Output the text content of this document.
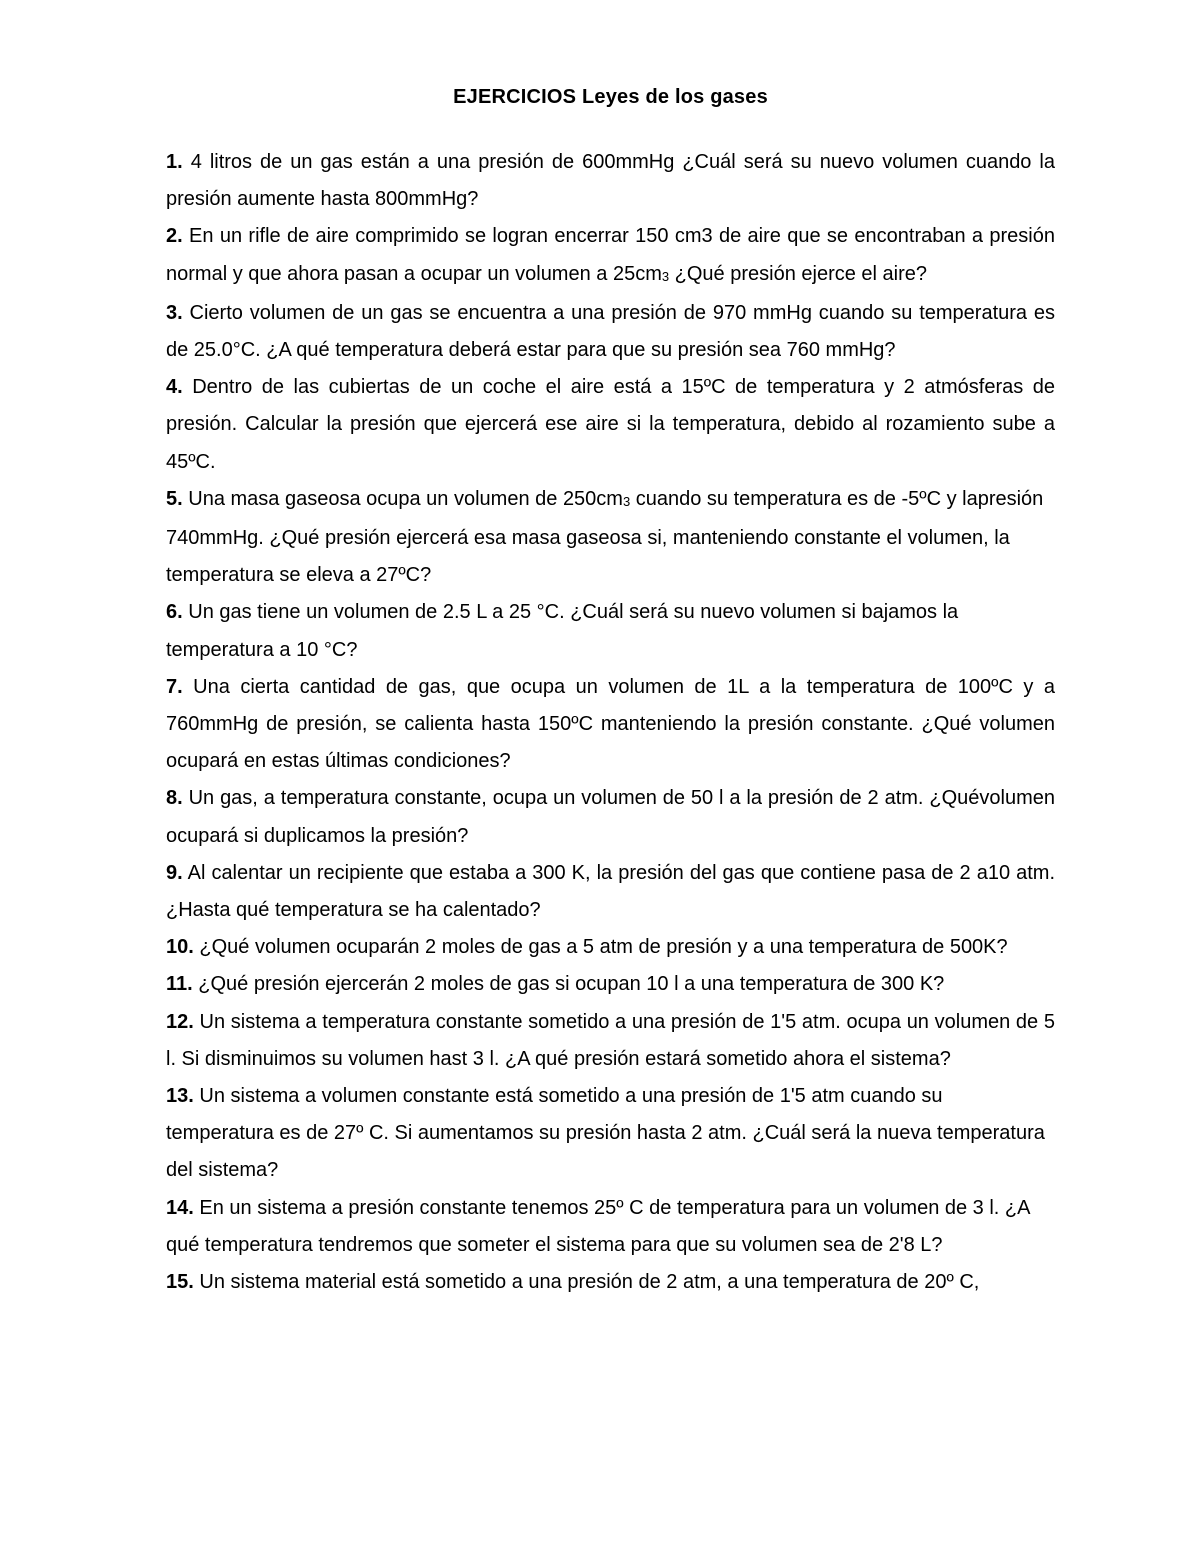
EJERCICIOS Leyes de los gases

1. 4 litros de un gas están a una presión de 600mmHg ¿Cuál será su nuevo volumen cuando la presión aumente hasta 800mmHg?

2. En un rifle de aire comprimido se logran encerrar 150 cm3 de aire que se encontraban a presión normal y que ahora pasan a ocupar un volumen a 25cm3 ¿Qué presión ejerce el aire?

3. Cierto volumen de un gas se encuentra a una presión de 970 mmHg cuando su temperatura es de 25.0°C. ¿A qué temperatura deberá estar para que su presión sea 760 mmHg?

4. Dentro de las cubiertas de un coche el aire está a 15ºC de temperatura y 2 atmósferas de presión. Calcular la presión que ejercerá ese aire si la temperatura, debido al rozamiento sube a 45ºC.

5. Una masa gaseosa ocupa un volumen de 250cm3 cuando su temperatura es de -5ºC y lapresión 740mmHg. ¿Qué presión ejercerá esa masa gaseosa si, manteniendo constante el volumen, la temperatura se eleva a 27ºC?

6. Un gas tiene un volumen de 2.5 L a 25 °C. ¿Cuál será su nuevo volumen si bajamos la temperatura a 10 °C?

7. Una cierta cantidad de gas, que ocupa un volumen de 1L a la temperatura de 100ºC y a 760mmHg de presión, se calienta hasta 150ºC manteniendo la presión constante. ¿Qué volumen ocupará en estas últimas condiciones?

8. Un gas, a temperatura constante, ocupa un volumen de 50 l a la presión de 2 atm. ¿Quévolumen ocupará si duplicamos la presión?

9. Al calentar un recipiente que estaba a 300 K, la presión del gas que contiene pasa de 2 a10 atm. ¿Hasta qué temperatura se ha calentado?

10. ¿Qué volumen ocuparán 2 moles de gas a 5 atm de presión y a una temperatura de 500K?

11. ¿Qué presión ejercerán 2 moles de gas si ocupan 10 l a una temperatura de 300 K?

12. Un sistema a temperatura constante sometido a una presión de 1'5 atm. ocupa un volumen de 5 l. Si disminuimos su volumen hast 3 l. ¿A qué presión estará sometido ahora el sistema?

13. Un sistema a volumen constante está sometido a una presión de 1'5 atm cuando su temperatura es de 27º C. Si aumentamos su presión hasta 2 atm. ¿Cuál será la nueva temperatura del sistema?

14. En un sistema a presión constante tenemos 25º C de temperatura para un volumen de 3 l. ¿A qué temperatura tendremos que someter el sistema para que su volumen sea de 2'8 L?

15. Un sistema material está sometido a una presión de 2 atm, a una temperatura de 20º C,
